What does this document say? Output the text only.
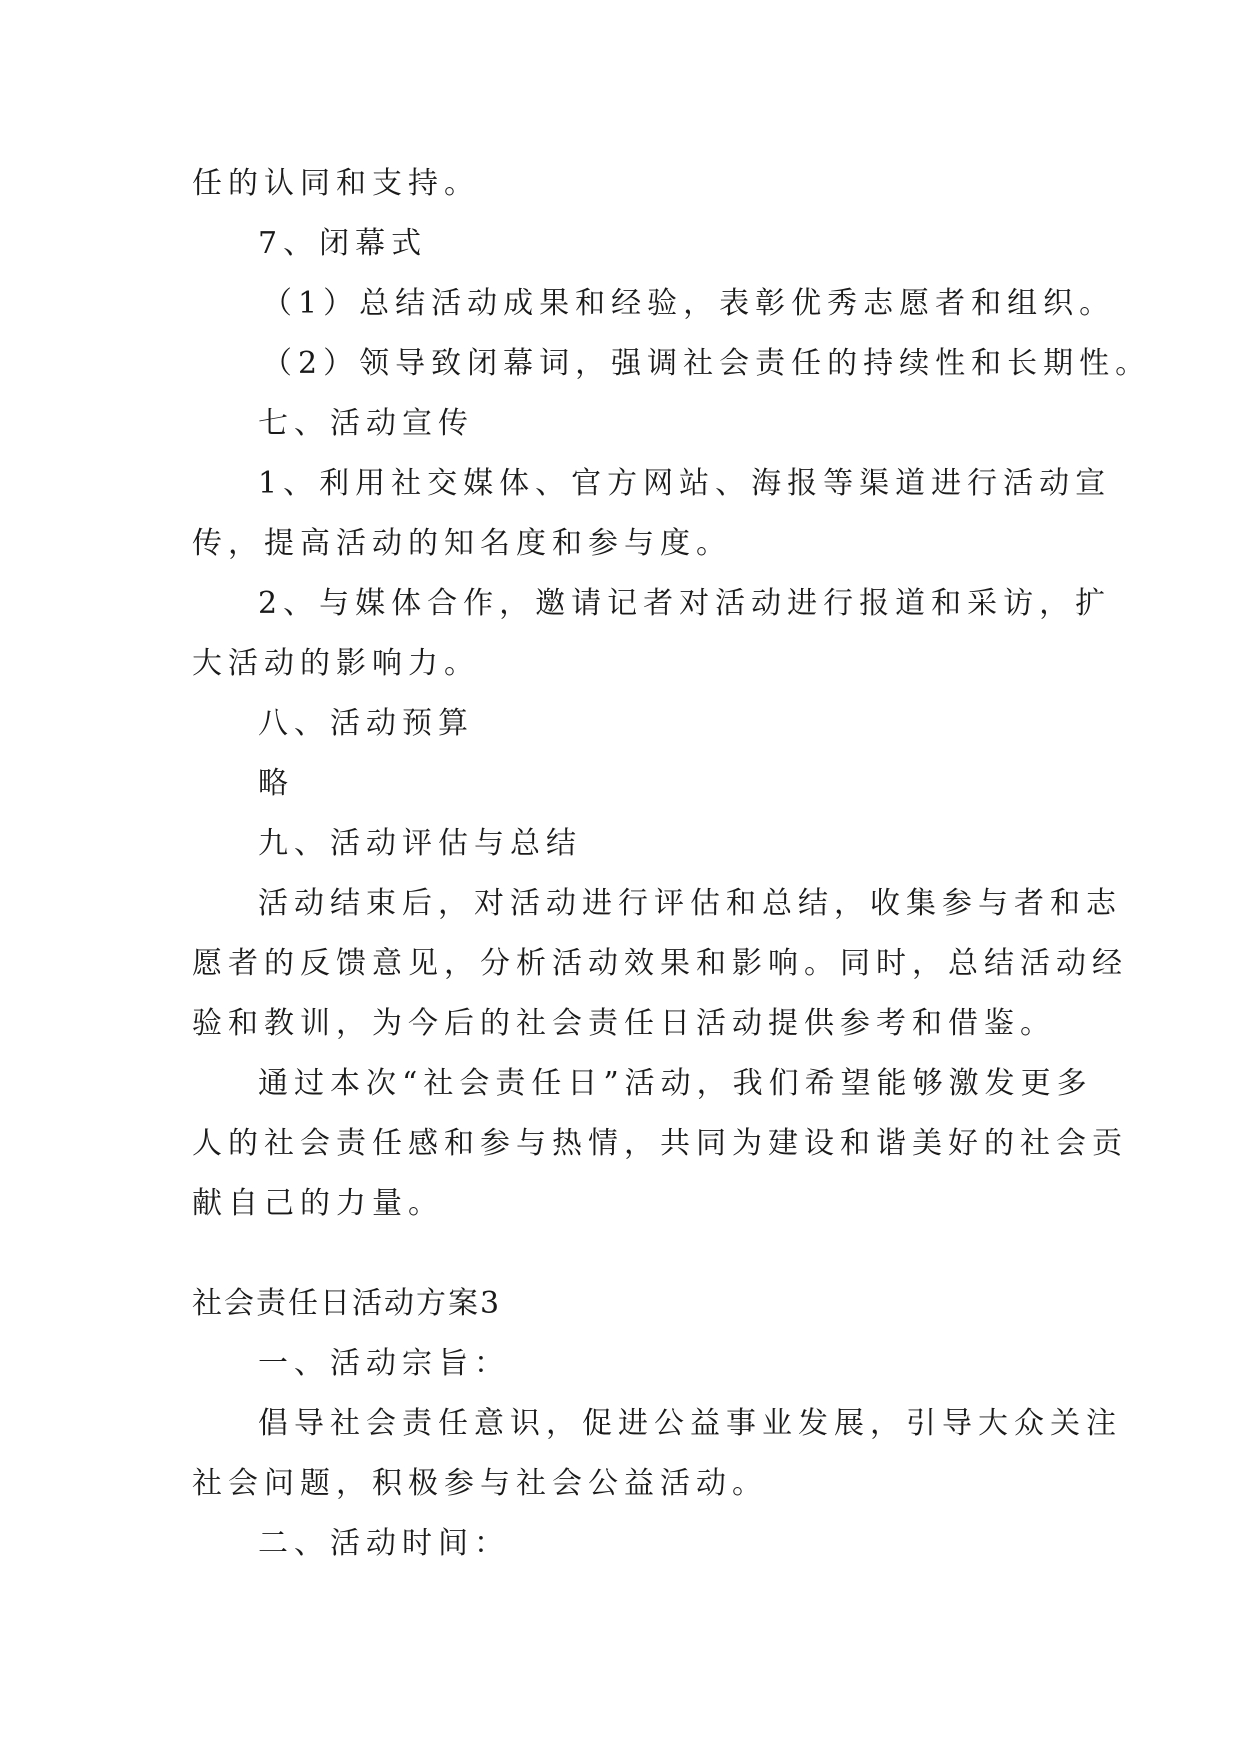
任的认同和支持。
7、闭幕式
（1）总结活动成果和经验，表彰优秀志愿者和组织。
（2）领导致闭幕词，强调社会责任的持续性和长期性。
七、活动宣传
1、利用社交媒体、官方网站、海报等渠道进行活动宣
传，提高活动的知名度和参与度。
2、与媒体合作，邀请记者对活动进行报道和采访，扩
大活动的影响力。
八、活动预算
略
九、活动评估与总结
活动结束后，对活动进行评估和总结，收集参与者和志
愿者的反馈意见，分析活动效果和影响。同时，总结活动经
验和教训，为今后的社会责任日活动提供参考和借鉴。
通过本次“社会责任日”活动，我们希望能够激发更多
人的社会责任感和参与热情，共同为建设和谐美好的社会贡
献自己的力量。
社会责任日活动方案3
一、活动宗旨：
倡导社会责任意识，促进公益事业发展，引导大众关注
社会问题，积极参与社会公益活动。
二、活动时间：
